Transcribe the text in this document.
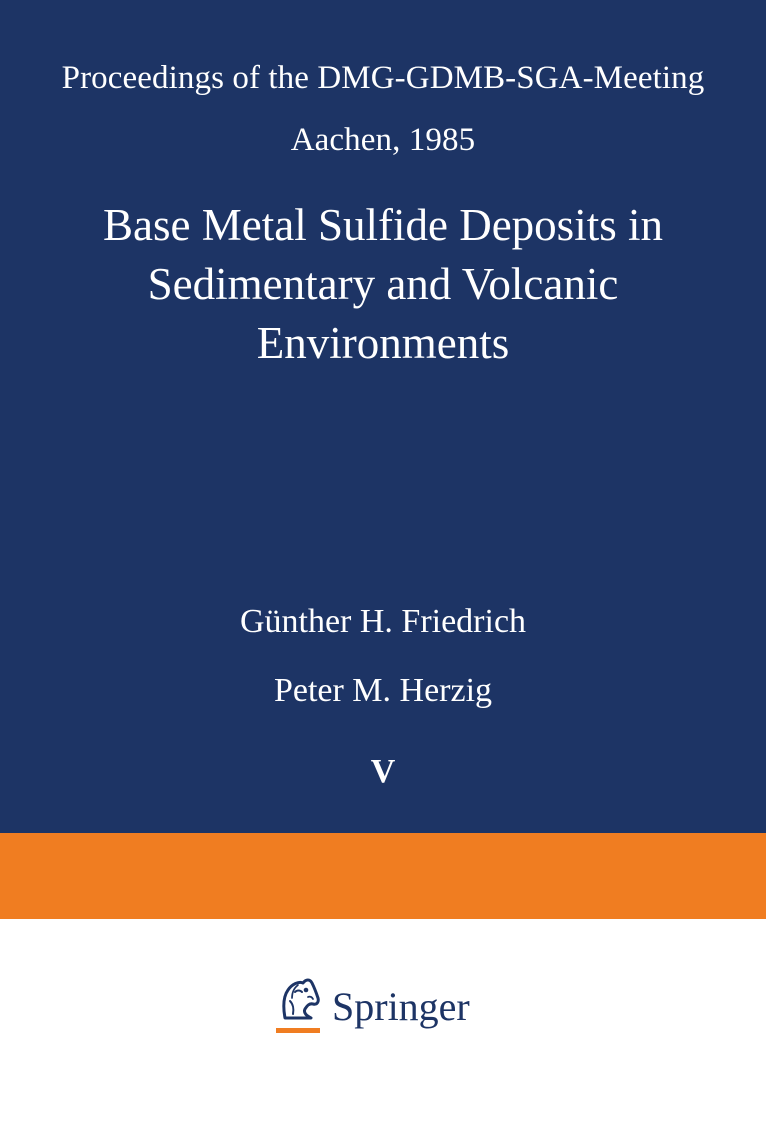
Proceedings of the DMG-GDMB-SGA-Meeting
Aachen, 1985
Base Metal Sulfide Deposits in
Sedimentary and Volcanic
Environments
Günther H. Friedrich
Peter M. Herzig
V
Springer
